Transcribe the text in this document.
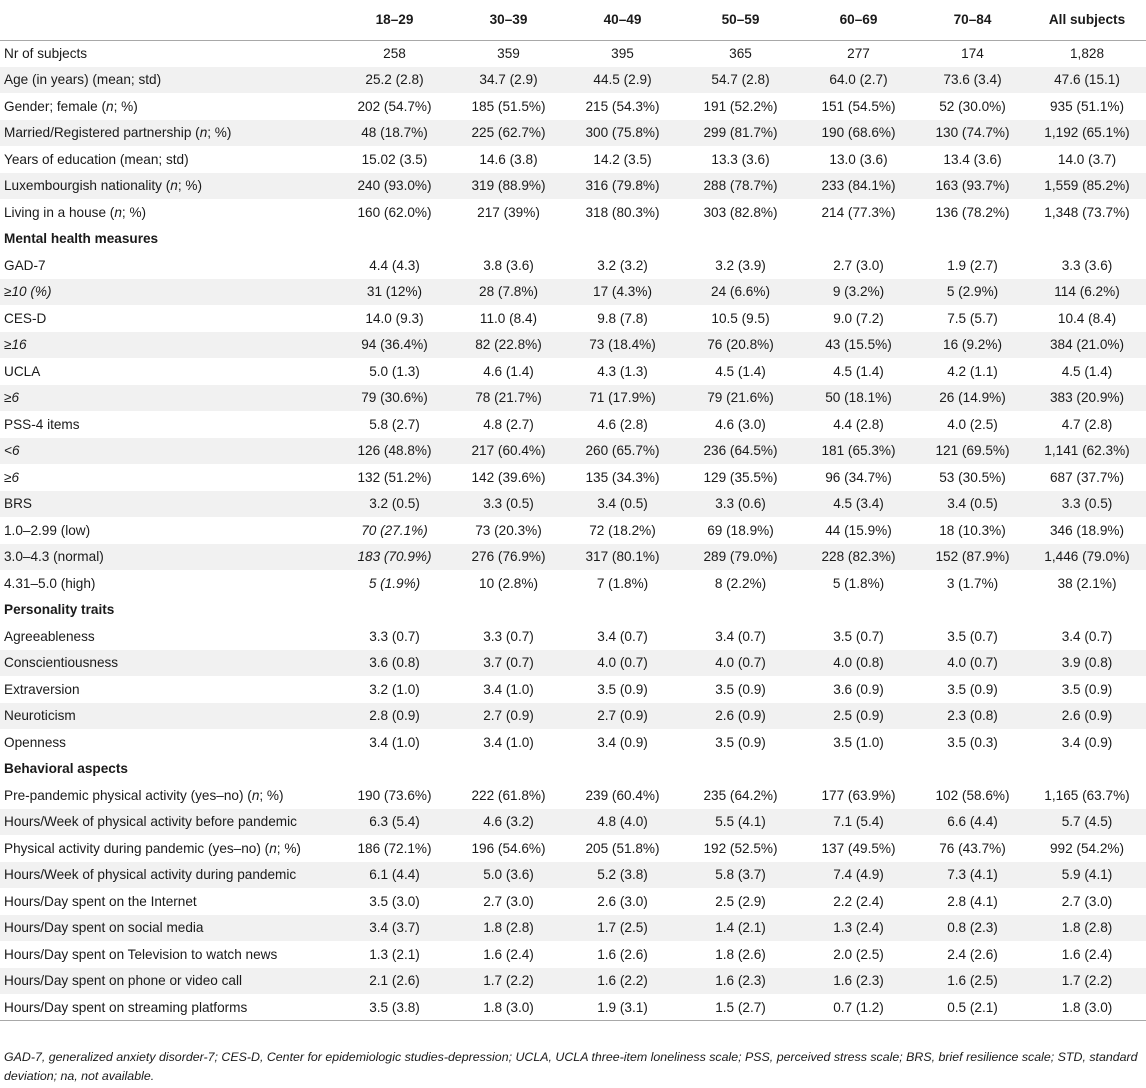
	18–29	30–39	40–49	50–59	60–69	70–84	All subjects
Nr of subjects	258	359	395	365	277	174	1,828
Age (in years) (mean; std)	25.2 (2.8)	34.7 (2.9)	44.5 (2.9)	54.7 (2.8)	64.0 (2.7)	73.6 (3.4)	47.6 (15.1)
Gender; female (n; %)	202 (54.7%)	185 (51.5%)	215 (54.3%)	191 (52.2%)	151 (54.5%)	52 (30.0%)	935 (51.1%)
Married/Registered partnership (n; %)	48 (18.7%)	225 (62.7%)	300 (75.8%)	299 (81.7%)	190 (68.6%)	130 (74.7%)	1,192 (65.1%)
Years of education (mean; std)	15.02 (3.5)	14.6 (3.8)	14.2 (3.5)	13.3 (3.6)	13.0 (3.6)	13.4 (3.6)	14.0 (3.7)
Luxembourgish nationality (n; %)	240 (93.0%)	319 (88.9%)	316 (79.8%)	288 (78.7%)	233 (84.1%)	163 (93.7%)	1,559 (85.2%)
Living in a house (n; %)	160 (62.0%)	217 (39%)	318 (80.3%)	303 (82.8%)	214 (77.3%)	136 (78.2%)	1,348 (73.7%)
Mental health measures							
GAD-7	4.4 (4.3)	3.8 (3.6)	3.2 (3.2)	3.2 (3.9)	2.7 (3.0)	1.9 (2.7)	3.3 (3.6)
≥10 (%)	31 (12%)	28 (7.8%)	17 (4.3%)	24 (6.6%)	9 (3.2%)	5 (2.9%)	114 (6.2%)
CES-D	14.0 (9.3)	11.0 (8.4)	9.8 (7.8)	10.5 (9.5)	9.0 (7.2)	7.5 (5.7)	10.4 (8.4)
≥16	94 (36.4%)	82 (22.8%)	73 (18.4%)	76 (20.8%)	43 (15.5%)	16 (9.2%)	384 (21.0%)
UCLA	5.0 (1.3)	4.6 (1.4)	4.3 (1.3)	4.5 (1.4)	4.5 (1.4)	4.2 (1.1)	4.5 (1.4)
≥6	79 (30.6%)	78 (21.7%)	71 (17.9%)	79 (21.6%)	50 (18.1%)	26 (14.9%)	383 (20.9%)
PSS-4 items	5.8 (2.7)	4.8 (2.7)	4.6 (2.8)	4.6 (3.0)	4.4 (2.8)	4.0 (2.5)	4.7 (2.8)
<6	126 (48.8%)	217 (60.4%)	260 (65.7%)	236 (64.5%)	181 (65.3%)	121 (69.5%)	1,141 (62.3%)
≥6	132 (51.2%)	142 (39.6%)	135 (34.3%)	129 (35.5%)	96 (34.7%)	53 (30.5%)	687 (37.7%)
BRS	3.2 (0.5)	3.3 (0.5)	3.4 (0.5)	3.3 (0.6)	4.5 (3.4)	3.4 (0.5)	3.3 (0.5)
1.0–2.99 (low)	70 (27.1%)	73 (20.3%)	72 (18.2%)	69 (18.9%)	44 (15.9%)	18 (10.3%)	346 (18.9%)
3.0–4.3 (normal)	183 (70.9%)	276 (76.9%)	317 (80.1%)	289 (79.0%)	228 (82.3%)	152 (87.9%)	1,446 (79.0%)
4.31–5.0 (high)	5 (1.9%)	10 (2.8%)	7 (1.8%)	8 (2.2%)	5 (1.8%)	3 (1.7%)	38 (2.1%)
Personality traits							
Agreeableness	3.3 (0.7)	3.3 (0.7)	3.4 (0.7)	3.4 (0.7)	3.5 (0.7)	3.5 (0.7)	3.4 (0.7)
Conscientiousness	3.6 (0.8)	3.7 (0.7)	4.0 (0.7)	4.0 (0.7)	4.0 (0.8)	4.0 (0.7)	3.9 (0.8)
Extraversion	3.2 (1.0)	3.4 (1.0)	3.5 (0.9)	3.5 (0.9)	3.6 (0.9)	3.5 (0.9)	3.5 (0.9)
Neuroticism	2.8 (0.9)	2.7 (0.9)	2.7 (0.9)	2.6 (0.9)	2.5 (0.9)	2.3 (0.8)	2.6 (0.9)
Openness	3.4 (1.0)	3.4 (1.0)	3.4 (0.9)	3.5 (0.9)	3.5 (1.0)	3.5 (0.3)	3.4 (0.9)
Behavioral aspects							
Pre-pandemic physical activity (yes–no) (n; %)	190 (73.6%)	222 (61.8%)	239 (60.4%)	235 (64.2%)	177 (63.9%)	102 (58.6%)	1,165 (63.7%)
Hours/Week of physical activity before pandemic	6.3 (5.4)	4.6 (3.2)	4.8 (4.0)	5.5 (4.1)	7.1 (5.4)	6.6 (4.4)	5.7 (4.5)
Physical activity during pandemic (yes–no) (n; %)	186 (72.1%)	196 (54.6%)	205 (51.8%)	192 (52.5%)	137 (49.5%)	76 (43.7%)	992 (54.2%)
Hours/Week of physical activity during pandemic	6.1 (4.4)	5.0 (3.6)	5.2 (3.8)	5.8 (3.7)	7.4 (4.9)	7.3 (4.1)	5.9 (4.1)
Hours/Day spent on the Internet	3.5 (3.0)	2.7 (3.0)	2.6 (3.0)	2.5 (2.9)	2.2 (2.4)	2.8 (4.1)	2.7 (3.0)
Hours/Day spent on social media	3.4 (3.7)	1.8 (2.8)	1.7 (2.5)	1.4 (2.1)	1.3 (2.4)	0.8 (2.3)	1.8 (2.8)
Hours/Day spent on Television to watch news	1.3 (2.1)	1.6 (2.4)	1.6 (2.6)	1.8 (2.6)	2.0 (2.5)	2.4 (2.6)	1.6 (2.4)
Hours/Day spent on phone or video call	2.1 (2.6)	1.7 (2.2)	1.6 (2.2)	1.6 (2.3)	1.6 (2.3)	1.6 (2.5)	1.7 (2.2)
Hours/Day spent on streaming platforms	3.5 (3.8)	1.8 (3.0)	1.9 (3.1)	1.5 (2.7)	0.7 (1.2)	0.5 (2.1)	1.8 (3.0)
GAD-7, generalized anxiety disorder-7; CES-D, Center for epidemiologic studies-depression; UCLA, UCLA three-item loneliness scale; PSS, perceived stress scale; BRS, brief resilience scale; STD, standard deviation; na, not available.
